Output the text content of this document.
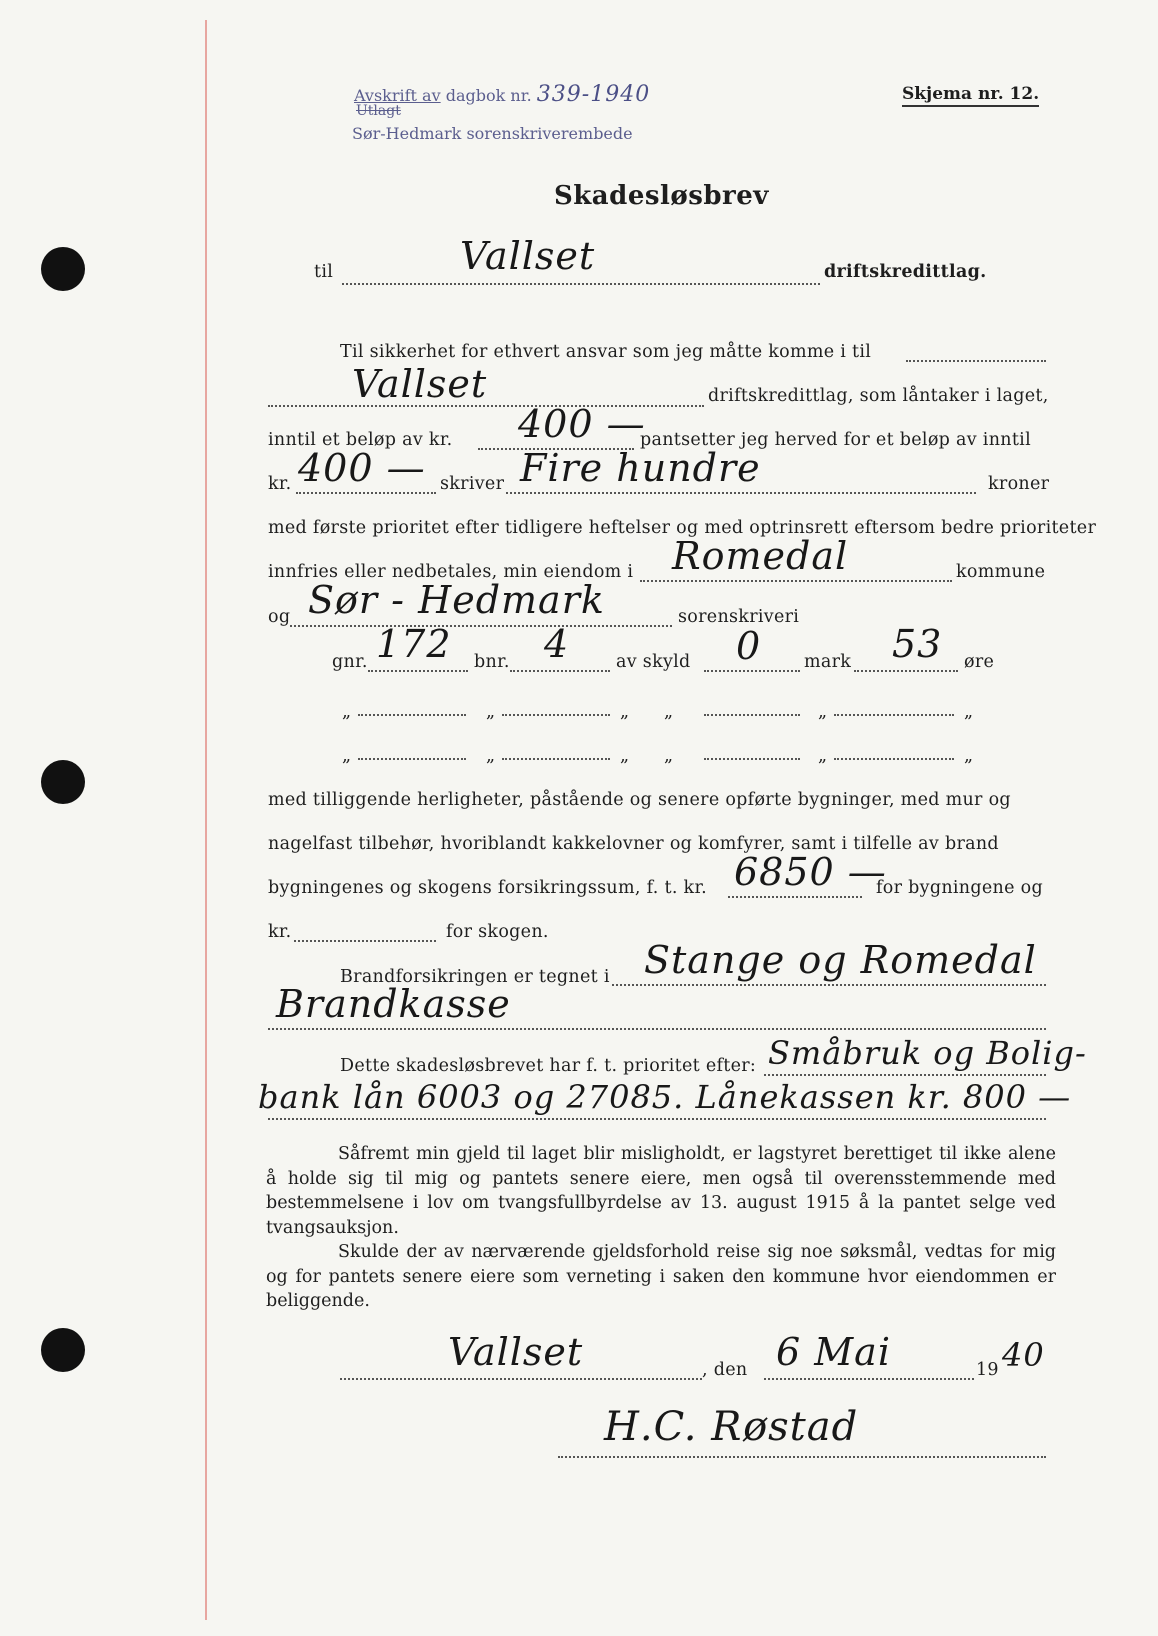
Avskrift av dagbok nr. 339-1940
Utlagt
Sør-Hedmark sorenskriverembede
Skjema nr. 12.
Skadesløsbrev
til	Vallset	driftskredittlag.
Til sikkerhet for ethvert ansvar som jeg måtte komme i til
Vallset	driftskredittlag, som låntaker i laget,
inntil et beløp av kr. 400 —
pantsetter jeg herved for et beløp av inntil
kr. 400 — skriver Fire hundre	kroner
med første prioritet efter tidligere heftelser og med optrinsrett eftersom bedre prioriteter
innfries eller nedbetales, min eiendom i Romedal	kommune
og Sør - Hedmark	sorenskriveri
gnr. 172 bnr. 4	av skyld 0 mark 53 øre
„	„	„ „	„	„
„	„	„ „	„	„
med tilliggende herligheter, påstående og senere opførte bygninger, med mur og
nagelfast tilbehør, hvoriblandt kakkelovner og komfyrer, samt i tilfelle av brand
bygningenes og skogens forsikringssum, f. t. kr. 6850 —
for bygningene og
kr.	for skogen.
Brandforsikringen er tegnet i Stange og Romedal
Brandkasse
Dette skadesløsbrevet har f. t. prioritet efter: Småbruk og Bolig-
bank lån 6003 og 27085. Lånekassen kr. 800 —
Såfremt min gjeld til laget blir misligholdt, er lagstyret berettiget til ikke alene å holde sig til mig og pantets senere eiere, men også til overensstemmende med bestemmelsene i lov om tvangsfullbyrdelse av 13. august 1915 å la pantet selge ved tvangsauksjon.
Skulde der av nærværende gjeldsforhold reise sig noe søksmål, vedtas for mig og for pantets senere eiere som verneting i saken den kommune hvor eiendommen er beliggende.
Vallset	, den 6 Mai	19 40
H.C. Røstad
